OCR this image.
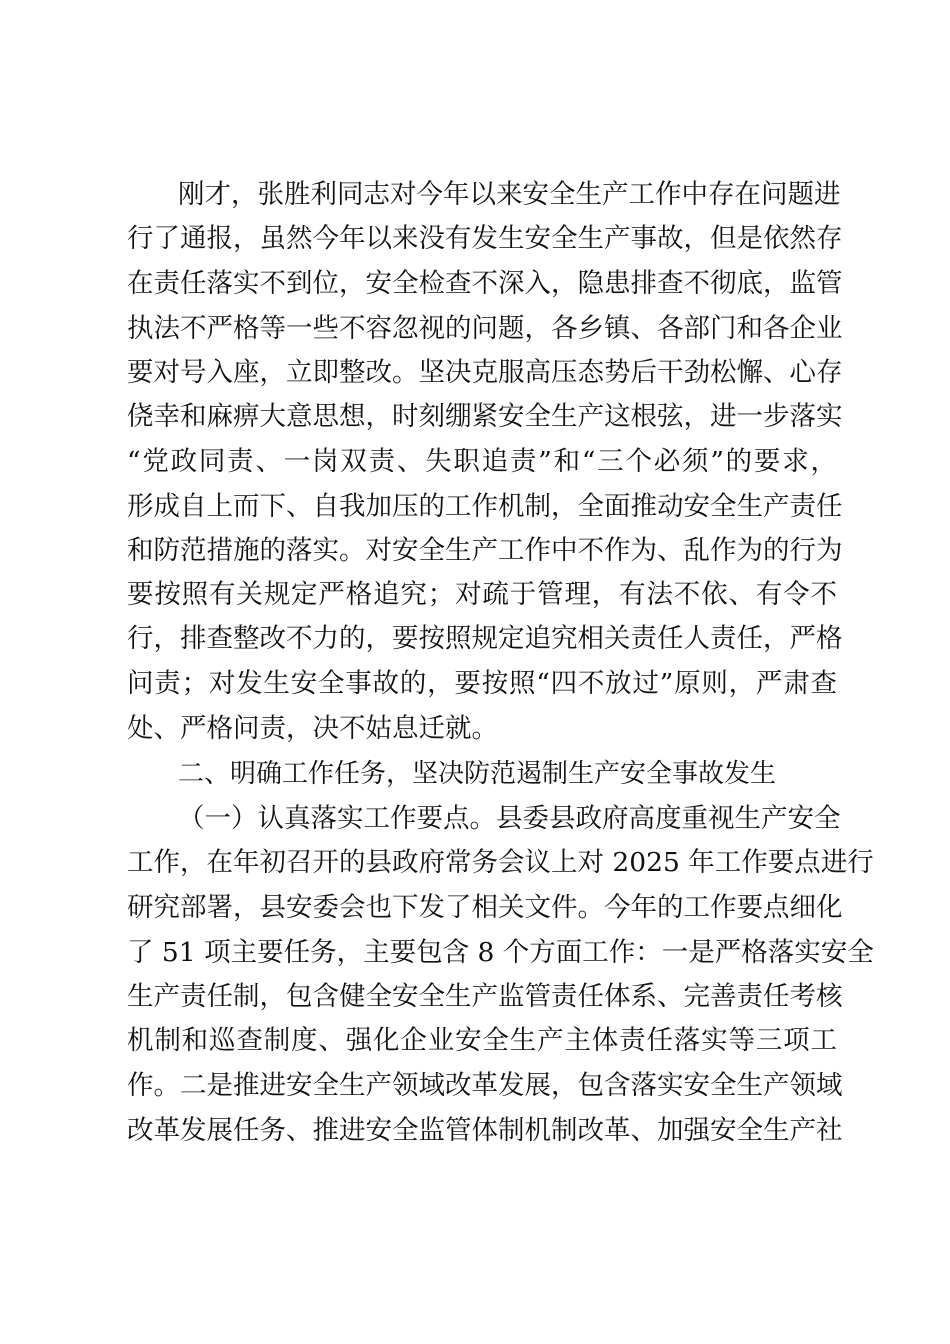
刚才，张胜利同志对今年以来安全生产工作中存在问题进
行了通报，虽然今年以来没有发生安全生产事故，但是依然存
在责任落实不到位，安全检查不深入，隐患排查不彻底，监管
执法不严格等一些不容忽视的问题，各乡镇、各部门和各企业
要对号入座，立即整改。坚决克服高压态势后干劲松懈、心存
侥幸和麻痹大意思想，时刻绷紧安全生产这根弦，进一步落实
“党政同责、一岗双责、失职追责”和“三个必须”的要求，
形成自上而下、自我加压的工作机制，全面推动安全生产责任
和防范措施的落实。对安全生产工作中不作为、乱作为的行为
要按照有关规定严格追究；对疏于管理，有法不依、有令不
行，排查整改不力的，要按照规定追究相关责任人责任，严格
问责；对发生安全事故的，要按照“四不放过”原则，严肃查
处、严格问责，决不姑息迁就。
二、明确工作任务，坚决防范遏制生产安全事故发生
（一）认真落实工作要点。县委县政府高度重视生产安全
工作，在年初召开的县政府常务会议上对 2025 年工作要点进行
研究部署，县安委会也下发了相关文件。今年的工作要点细化
了 51 项主要任务，主要包含 8 个方面工作：一是严格落实安全
生产责任制，包含健全安全生产监管责任体系、完善责任考核
机制和巡查制度、强化企业安全生产主体责任落实等三项工
作。二是推进安全生产领域改革发展，包含落实安全生产领域
改革发展任务、推进安全监管体制机制改革、加强安全生产社
